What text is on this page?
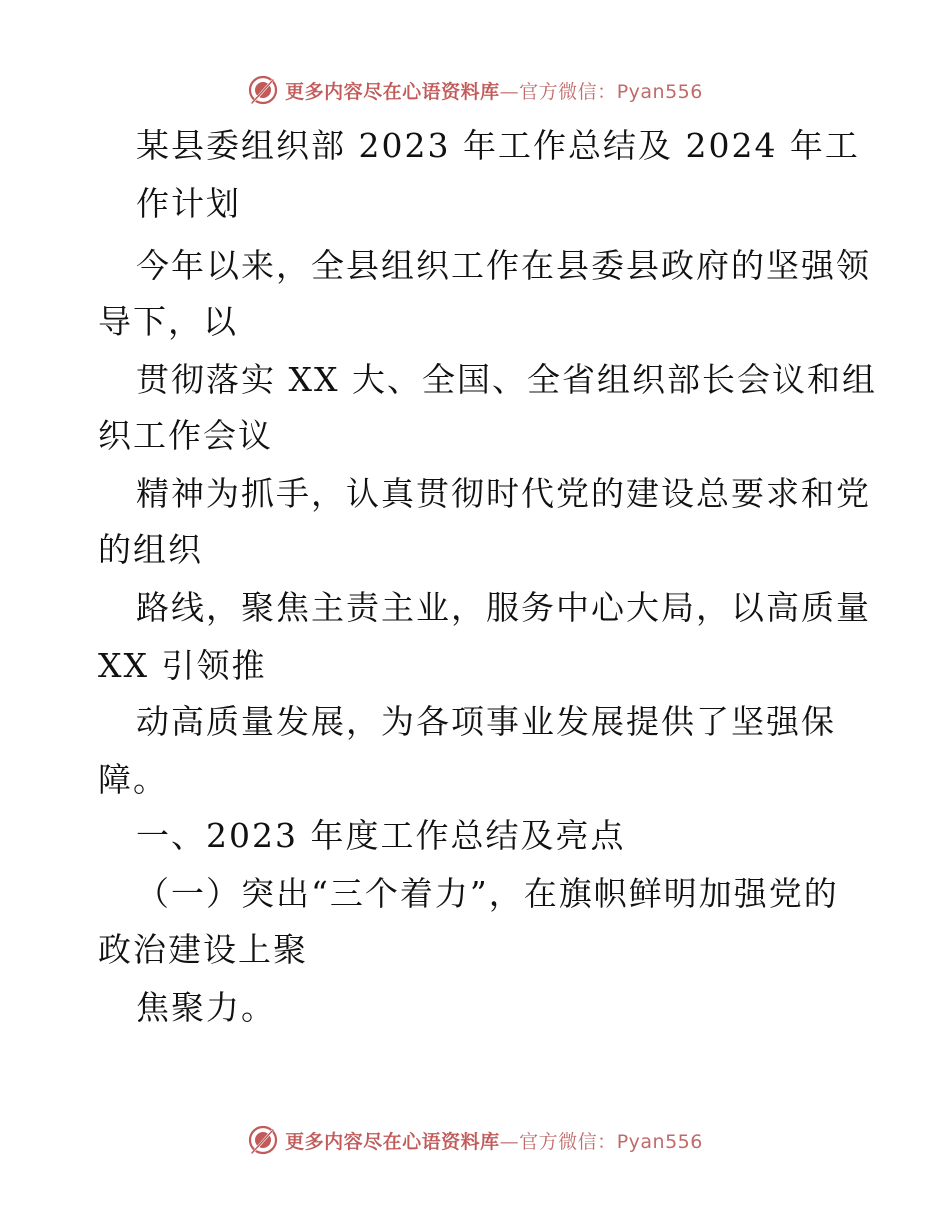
更多内容尽在心语资料库—官方微信：Pyan556
某县委组织部 2023 年工作总结及 2024 年工
作计划
今年以来，全县组织工作在县委县政府的坚强领
导下，以
贯彻落实 XX 大、全国、全省组织部长会议和组
织工作会议
精神为抓手，认真贯彻时代党的建设总要求和党
的组织
路线，聚焦主责主业，服务中心大局，以高质量
XX 引领推
动高质量发展，为各项事业发展提供了坚强保
障。
一、2023 年度工作总结及亮点
（一）突出“三个着力”，在旗帜鲜明加强党的
政治建设上聚
焦聚力。
更多内容尽在心语资料库—官方微信：Pyan556
